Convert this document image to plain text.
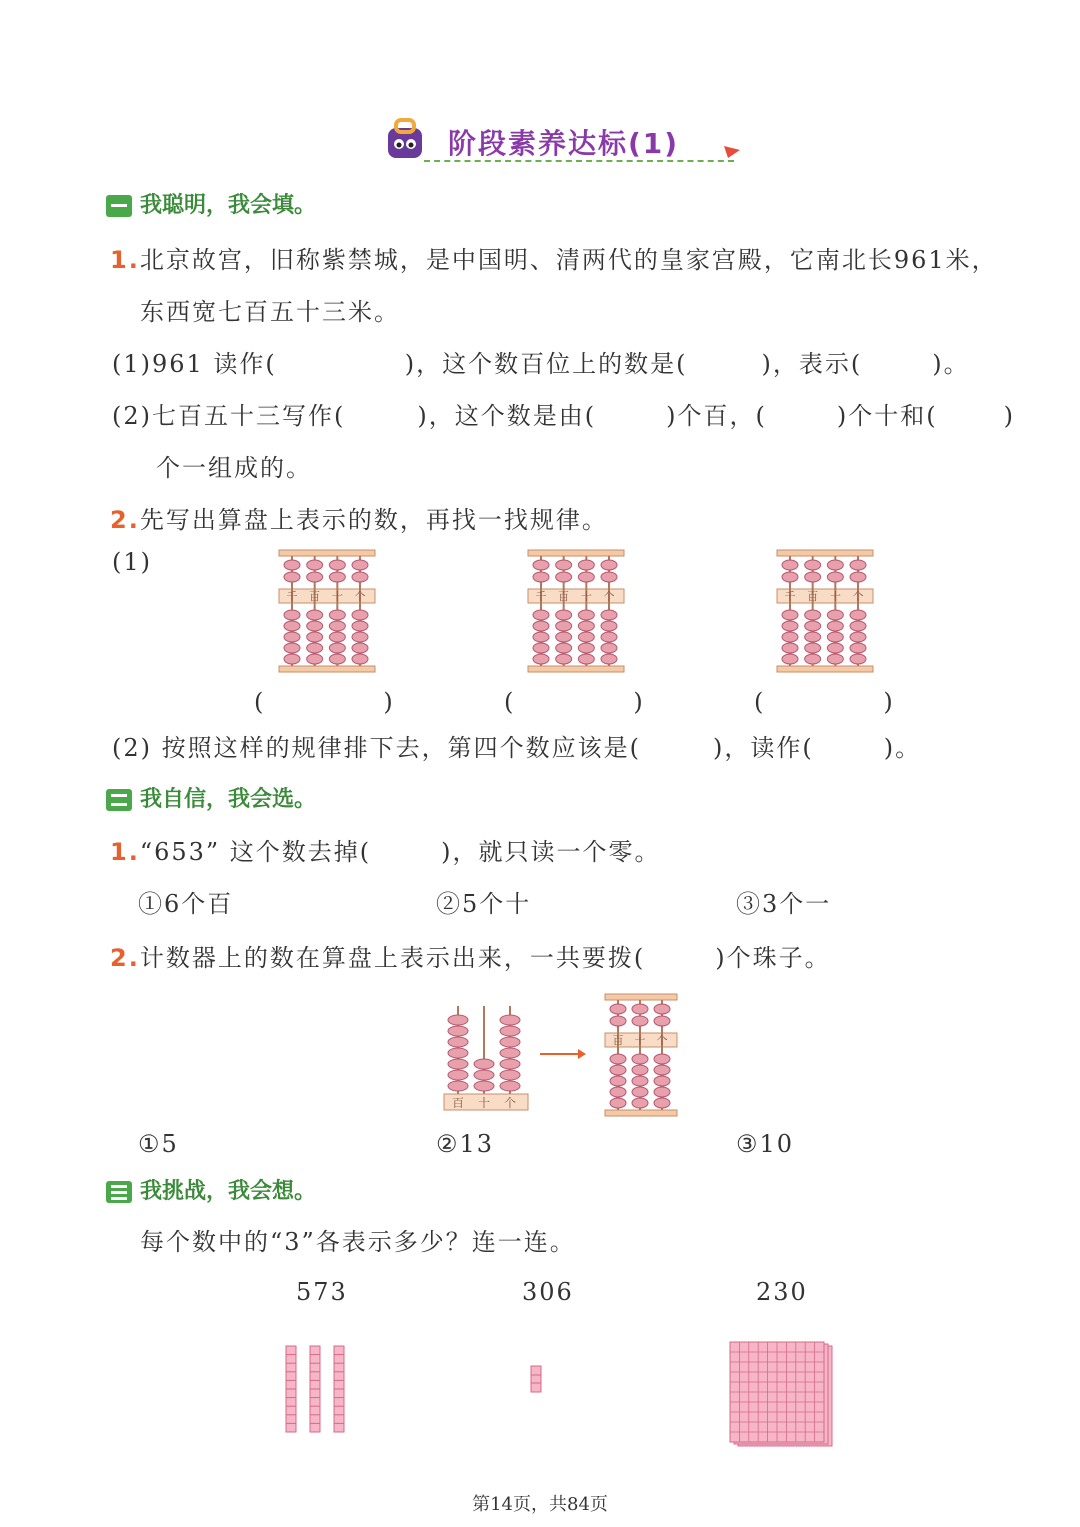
阶段素养达标(1)
我聪明，我会填。
1.北京故宫，旧称紫禁城，是中国明、清两代的皇家宫殿，它南北长961米，
东西宽七百五十三米。
(1)961 读作(	)，这个数百位上的数是(	)，表示(	)。
(2)七百五十三写作(	)，这个数是由(	)个百，(	)个十和(	)
个一组成的。
2.先写出算盘上表示的数，再找一找规律。
(1)
千 百 十 个	千 百 十 个	千 百 十 个
(	)	(	)	(	)
(2) 按照这样的规律排下去，第四个数应该是(	)，读作(	)。
我自信，我会选。
1.“653” 这个数去掉(	)，就只读一个零。
①6个百	②5个十	③3个一
2.计数器上的数在算盘上表示出来，一共要拨(	)个珠子。
百 十 个
百 十 个
①5	②13	③10
我挑战，我会想。
每个数中的“3”各表示多少？连一连。
573	306	230
第14页，共84页
